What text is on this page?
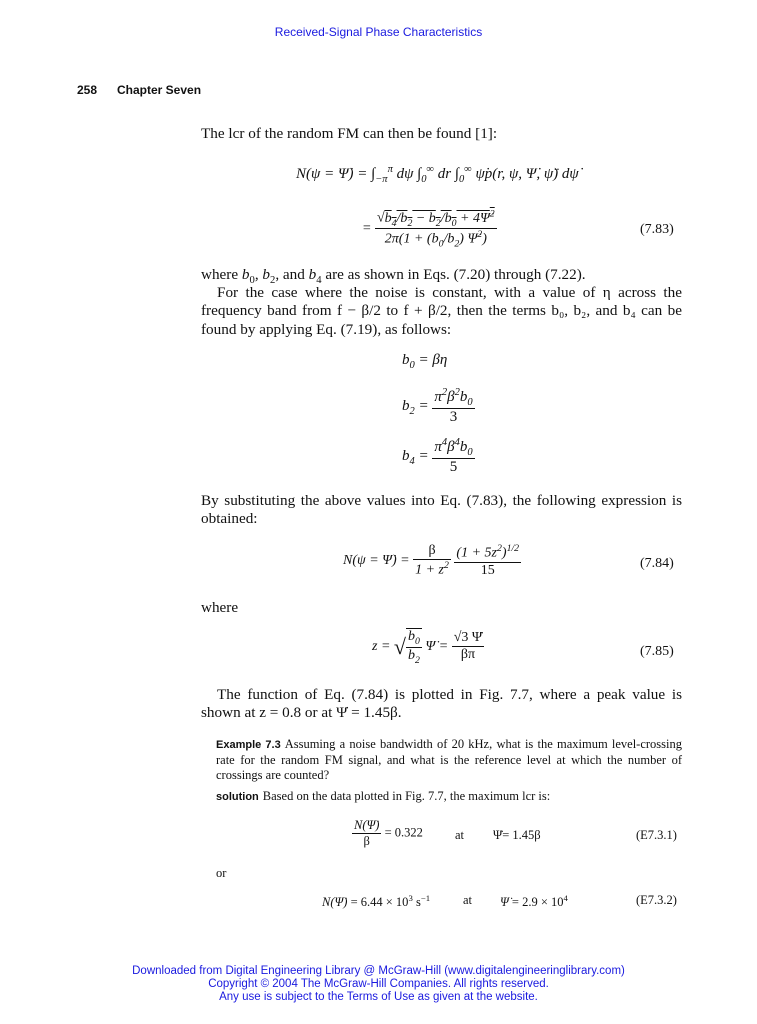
Received-Signal Phase Characteristics
258 Chapter Seven
The lcr of the random FM can then be found [1]:
N(ψ = Ψ̇) = $\int_{-\pi}^\pi$ dψ $\int_0^\infty$ dr $\int_0^\infty$ ψ̇p(r, ψ, Ψ̇, ψ̈) dψ̇
= $\frac{√b_4/b_2 - b_2/b_0 + 4\Psi̇^2}{2\pi(1 + (b_0/b_2) \Psi̇^2)}$	(7.83)
where $b_0$, $b_2$, and $b_4$ are as shown in Eqs. (7.20) through (7.22).
For the case where the noise is constant, with a value of η across the frequency band from f − β/2 to f + β/2, then the terms b₀, b₂, and b₄ can be found by applying Eq. (7.19), as follows:
$b_0 = \beta\eta$
$b_2 = \frac{\pi^2\beta^2b_0}{3}$
$b_4 = \frac{\pi^4\beta^4b_0}{5}$
By substituting the above values into Eq. (7.83), the following expression is obtained:
N(ψ = Ψ̇) = $\frac{\beta}{1 + z^2}$
$\frac{(1 + 5z^2)^{1/2}}{15}$	(7.84)
where
z = √ $\frac{b_0}{b_2}$ Ψ̇ = $\frac{√3 \Psi̇}{\beta\pi}$	(7.85)
The function of Eq. (7.84) is plotted in Fig. 7.7, where a peak value is shown at z = 0.8 or at Ψ̇ = 1.45β.
Example 7.3 Assuming a noise bandwidth of 20 kHz, what is the maximum level-crossing rate for the random FM signal, and what is the reference level at which the number of crossings are counted?
solution Based on the data plotted in Fig. 7.7, the maximum lcr is:
$\frac{N(\Psi̇)}{\beta} = 0.322$	at Ψ̇= 1.45β	(E7.3.1)
or
N(Ψ̇) = $6.44 \times 10^3$ $s^{-1}$	at Ψ̇ = $2.9 \times 10^4$	(E7.3.2)
Downloaded from Digital Engineering Library @ McGraw-Hill (www.digitalengineeringlibrary.com)
Copyright © 2004 The McGraw-Hill Companies. All rights reserved.
Any use is subject to the Terms of Use as given at the website.
